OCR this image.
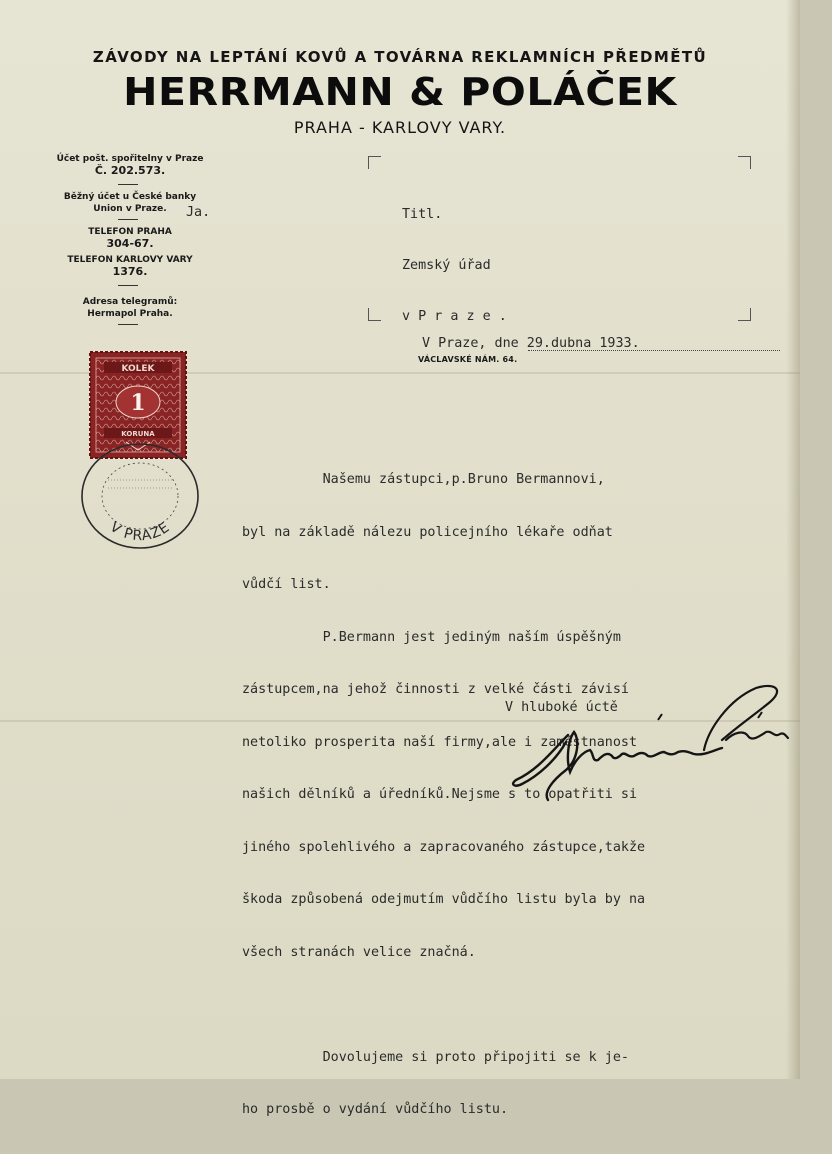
ZÁVODY NA LEPTÁNÍ KOVŮ A TOVÁRNA REKLAMNÍCH PŘEDMĚTŮ
HERRMANN & POLÁČEK
PRAHA - KARLOVY VARY.
Účet pošt. spořitelny v Praze
Č. 202.573.
Běžný účet u České banky
Union v Praze.
TELEFON PRAHA
304-67.
TELEFON KARLOVY VARY
1376.
Adresa telegramů:
Hermapol Praha.
Ja.

	Titl.

Zemský úřad

v P r a z e .

V Praze, dne 29.dubna 1933.
VÁCLAVSKÉ NÁM. 64.
KOLEK
1
KORUNA
V PRAZE

Našemu zástupci,p.Bruno Bermannovi,

byl na základě nálezu policejního lékaře odňat

vůdčí list.

P.Bermann jest jediným naším úspěšným

zástupcem,na jehož činnosti z velké části závisí

netoliko prosperita naší firmy,ale i zaměstnanost

našich dělníků a úředníků.Nejsme s to opatřiti si

jiného spolehlivého a zapracovaného zástupce,takže

škoda způsobená odejmutím vůdčího listu byla by na

všech stranách velice značná.

Dovolujeme si proto připojiti se k je-

ho prosbě o vydání vůdčího listu.

V hluboké úctě
